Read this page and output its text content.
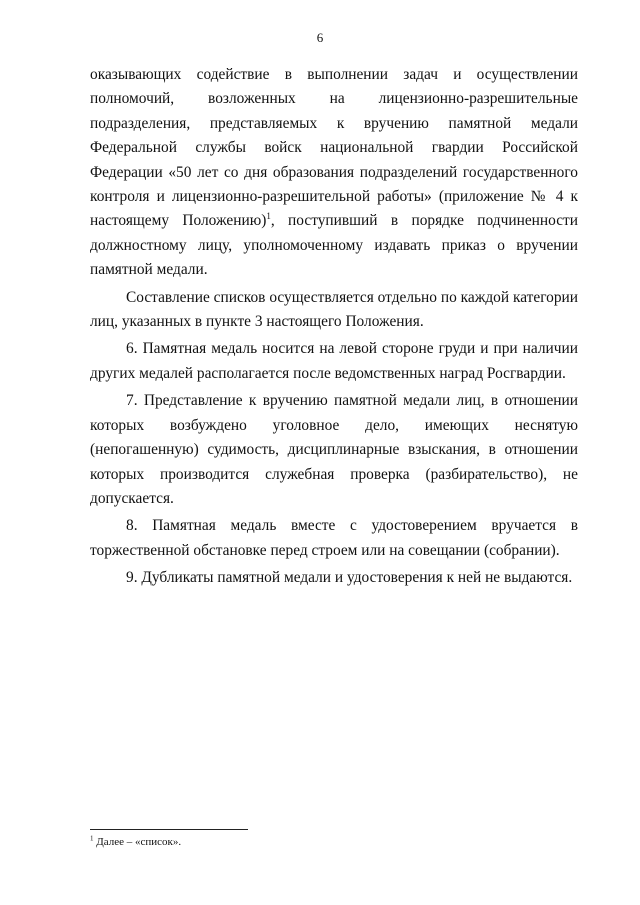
6

оказывающих содействие в выполнении задач и осуществлении полномочий, возложенных на лицензионно-разрешительные подразделения, представляемых к вручению памятной медали Федеральной службы войск национальной гвардии Российской Федерации «50 лет со дня образования подразделений государственного контроля и лицензионно-разрешительной работы» (приложение № 4 к настоящему Положению)$^1$, поступивший в порядке подчиненности должностному лицу, уполномоченному издавать приказ о вручении памятной медали.

Составление списков осуществляется отдельно по каждой категории лиц, указанных в пункте 3 настоящего Положения.

6. Памятная медаль носится на левой стороне груди и при наличии других медалей располагается после ведомственных наград Росгвардии.

7. Представление к вручению памятной медали лиц, в отношении которых возбуждено уголовное дело, имеющих неснятую (непогашенную) судимость, дисциплинарные взыскания, в отношении которых производится служебная проверка (разбирательство), не допускается.

8. Памятная медаль вместе с удостоверением вручается в торжественной обстановке перед строем или на совещании (собрании).

9. Дубликаты памятной медали и удостоверения к ней не выдаются.

$^1$ Далее – «список».
